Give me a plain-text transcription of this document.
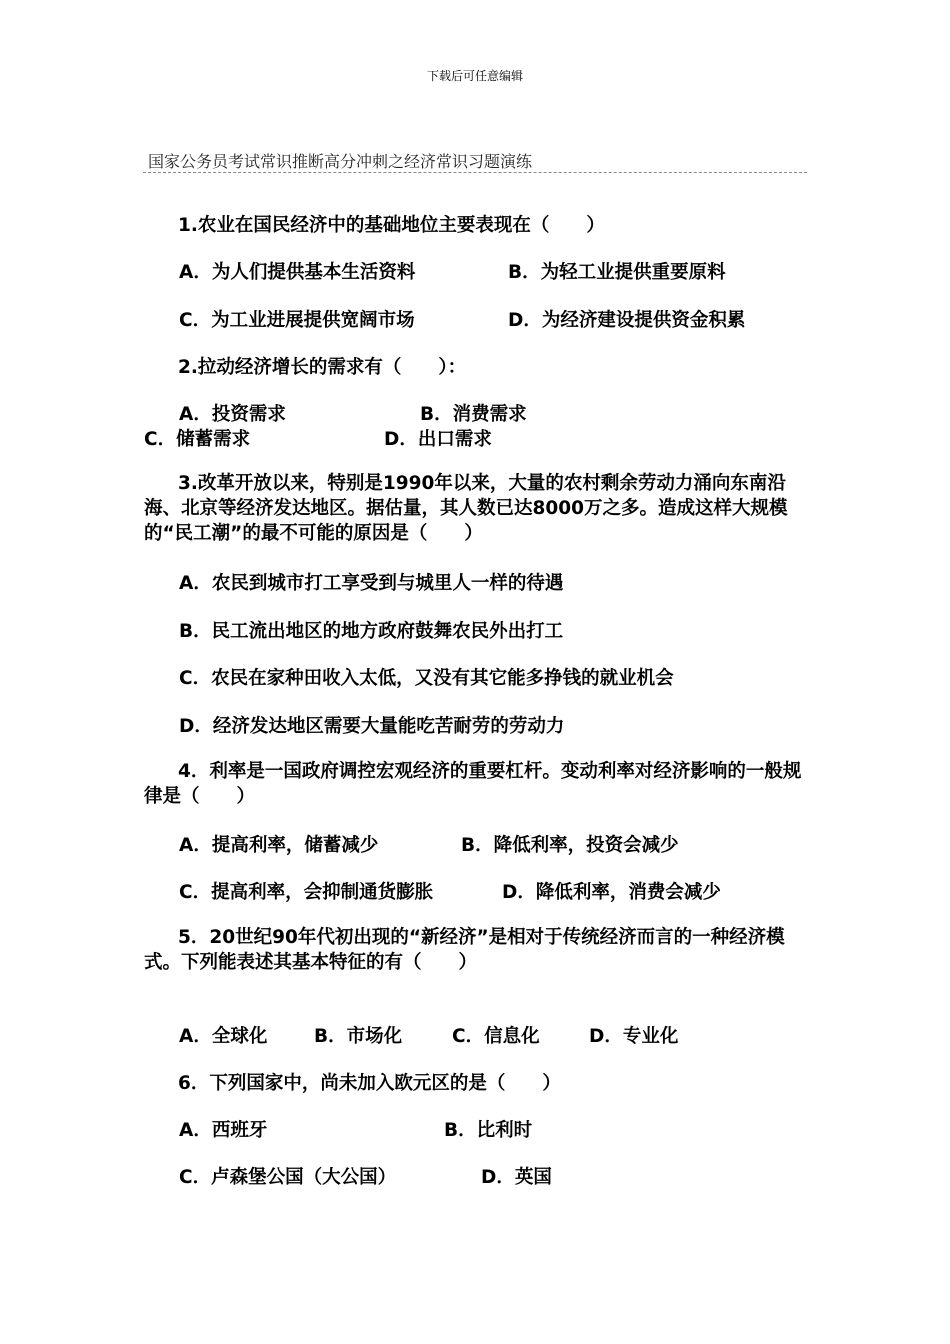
下载后可任意编辑
国家公务员考试常识推断高分冲刺之经济常识习题演练
1.农业在国民经济中的基础地位主要表现在（　　）
A．为人们提供基本生活资料	B．为轻工业提供重要原料
C．为工业进展提供宽阔市场	D．为经济建设提供资金积累
2.拉动经济增长的需求有（　　）：
A．投资需求	B．消费需求
C．储蓄需求	D．出口需求
3.改革开放以来，特别是1990年以来，大量的农村剩余劳动力涌向东南沿海、北京等经济发达地区。据估量，其人数已达8000万之多。造成这样大规模的“民工潮”的最不可能的原因是（　　）
A．农民到城市打工享受到与城里人一样的待遇
B．民工流出地区的地方政府鼓舞农民外出打工
C．农民在家种田收入太低，又没有其它能多挣钱的就业机会
D．经济发达地区需要大量能吃苦耐劳的劳动力
4．利率是一国政府调控宏观经济的重要杠杆。变动利率对经济影响的一般规律是（　　）
A．提高利率，储蓄减少	B．降低利率，投资会减少
C．提高利率，会抑制通货膨胀	D．降低利率，消费会减少
5．20世纪90年代初出现的“新经济”是相对于传统经济而言的一种经济模式。下列能表述其基本特征的有（　　）
A．全球化	B．市场化	C．信息化	D．专业化
6．下列国家中，尚未加入欧元区的是（　　）
A．西班牙	B．比利时
C．卢森堡公国（大公国）	D．英国
